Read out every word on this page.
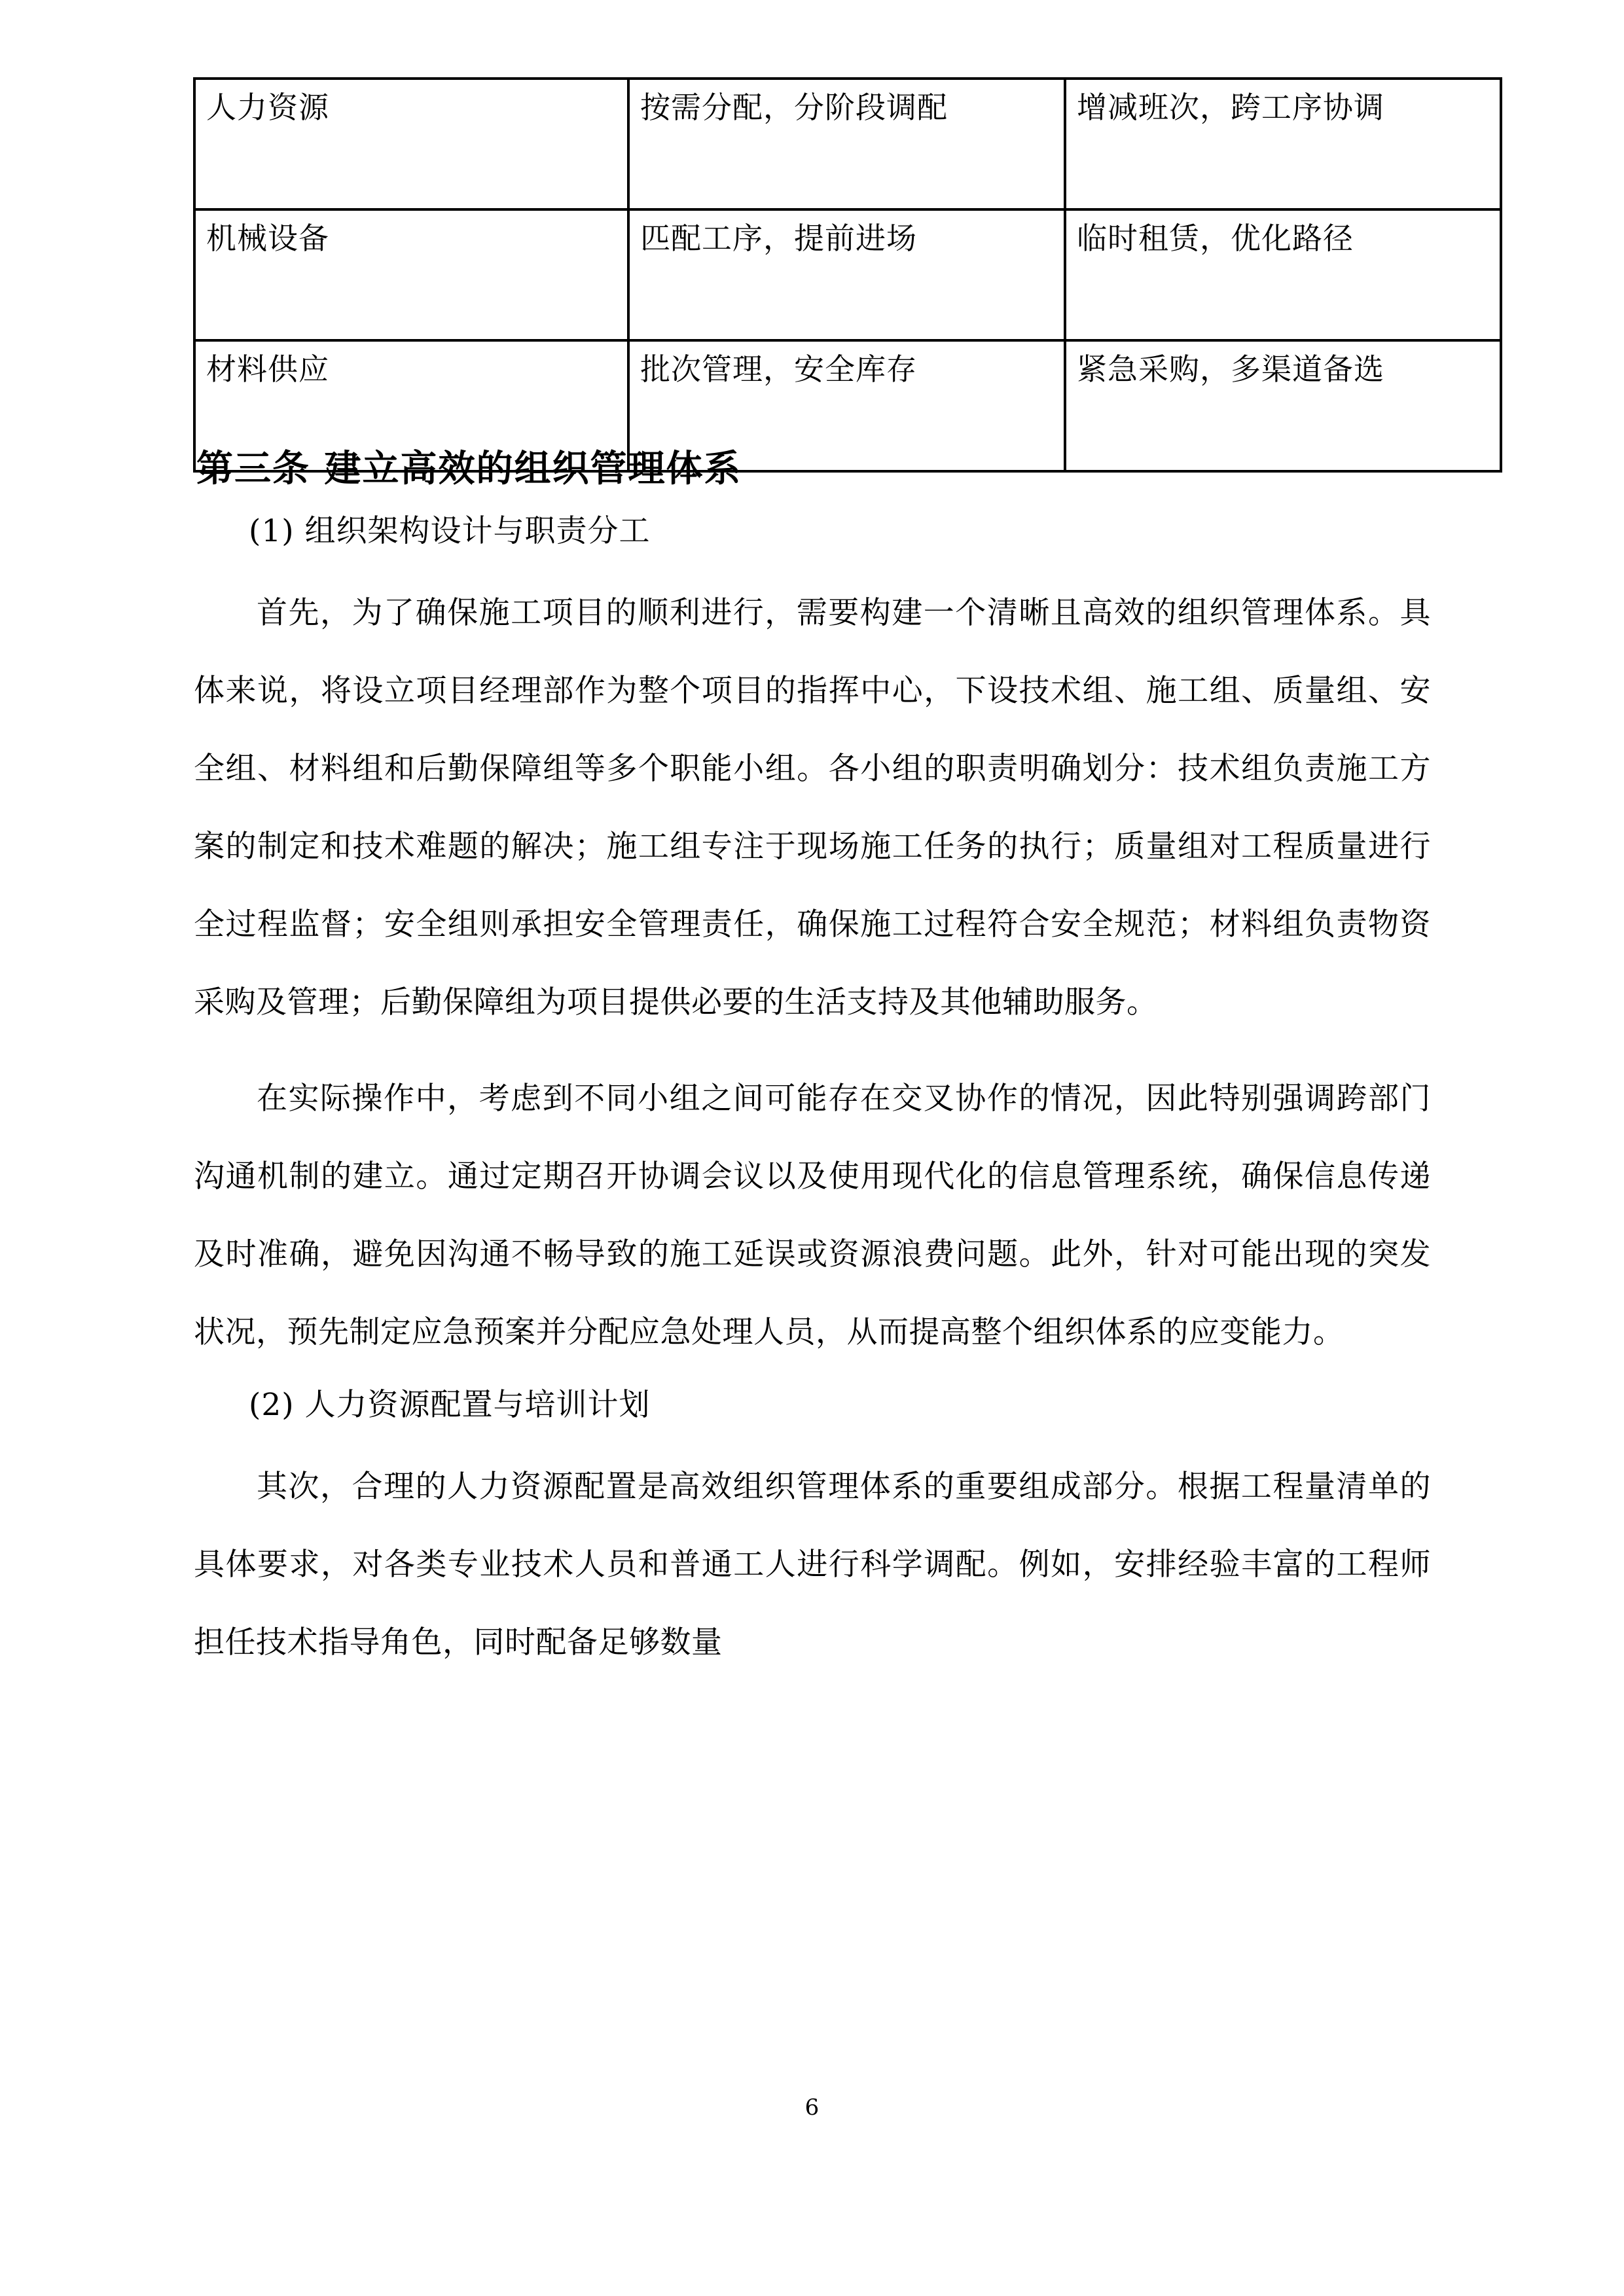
人力资源	按需分配，分阶段调配	增减班次，跨工序协调
机械设备	匹配工序，提前进场	临时租赁，优化路径
材料供应	批次管理，安全库存	紧急采购，多渠道备选
第三条 建立高效的组织管理体系

(1) 组织架构设计与职责分工

首先，为了确保施工项目的顺利进行，需要构建一个清晰且高效的组织管理体系。具体来说，将设立项目经理部作为整个项目的指挥中心，下设技术组、施工组、质量组、安全组、材料组和后勤保障组等多个职能小组。各小组的职责明确划分：技术组负责施工方案的制定和技术难题的解决；施工组专注于现场施工任务的执行；质量组对工程质量进行全过程监督；安全组则承担安全管理责任，确保施工过程符合安全规范；材料组负责物资采购及管理；后勤保障组为项目提供必要的生活支持及其他辅助服务。

在实际操作中，考虑到不同小组之间可能存在交叉协作的情况，因此特别强调跨部门沟通机制的建立。通过定期召开协调会议以及使用现代化的信息管理系统，确保信息传递及时准确，避免因沟通不畅导致的施工延误或资源浪费问题。此外，针对可能出现的突发状况，预先制定应急预案并分配应急处理人员，从而提高整个组织体系的应变能力。

(2) 人力资源配置与培训计划

其次，合理的人力资源配置是高效组织管理体系的重要组成部分。根据工程量清单的具体要求，对各类专业技术人员和普通工人进行科学调配。例如，安排经验丰富的工程师担任技术指导角色，同时配备足够数量

6
